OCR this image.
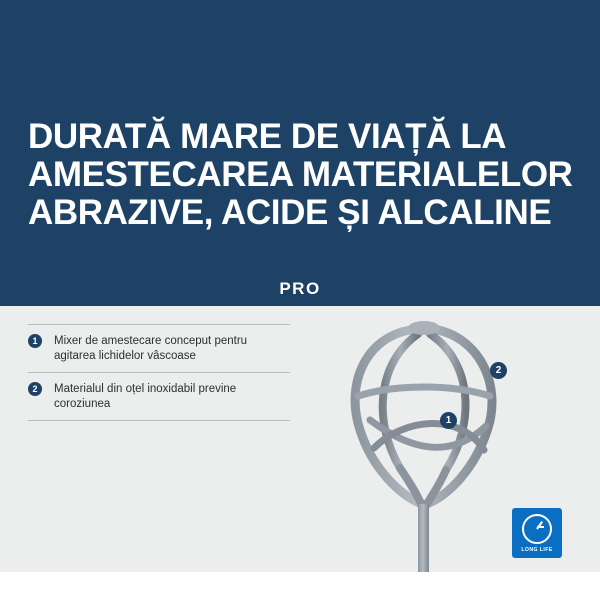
DURATĂ MARE DE VIAȚĂ LA
AMESTECAREA MATERIALELOR
ABRAZIVE, ACIDE ȘI ALCALINE
PRO
1	Mixer de amestecare conceput pentru agitarea lichidelor vâscoase
2	Materialul din oțel inoxidabil previne coroziunea
1
2
LONG LIFE
